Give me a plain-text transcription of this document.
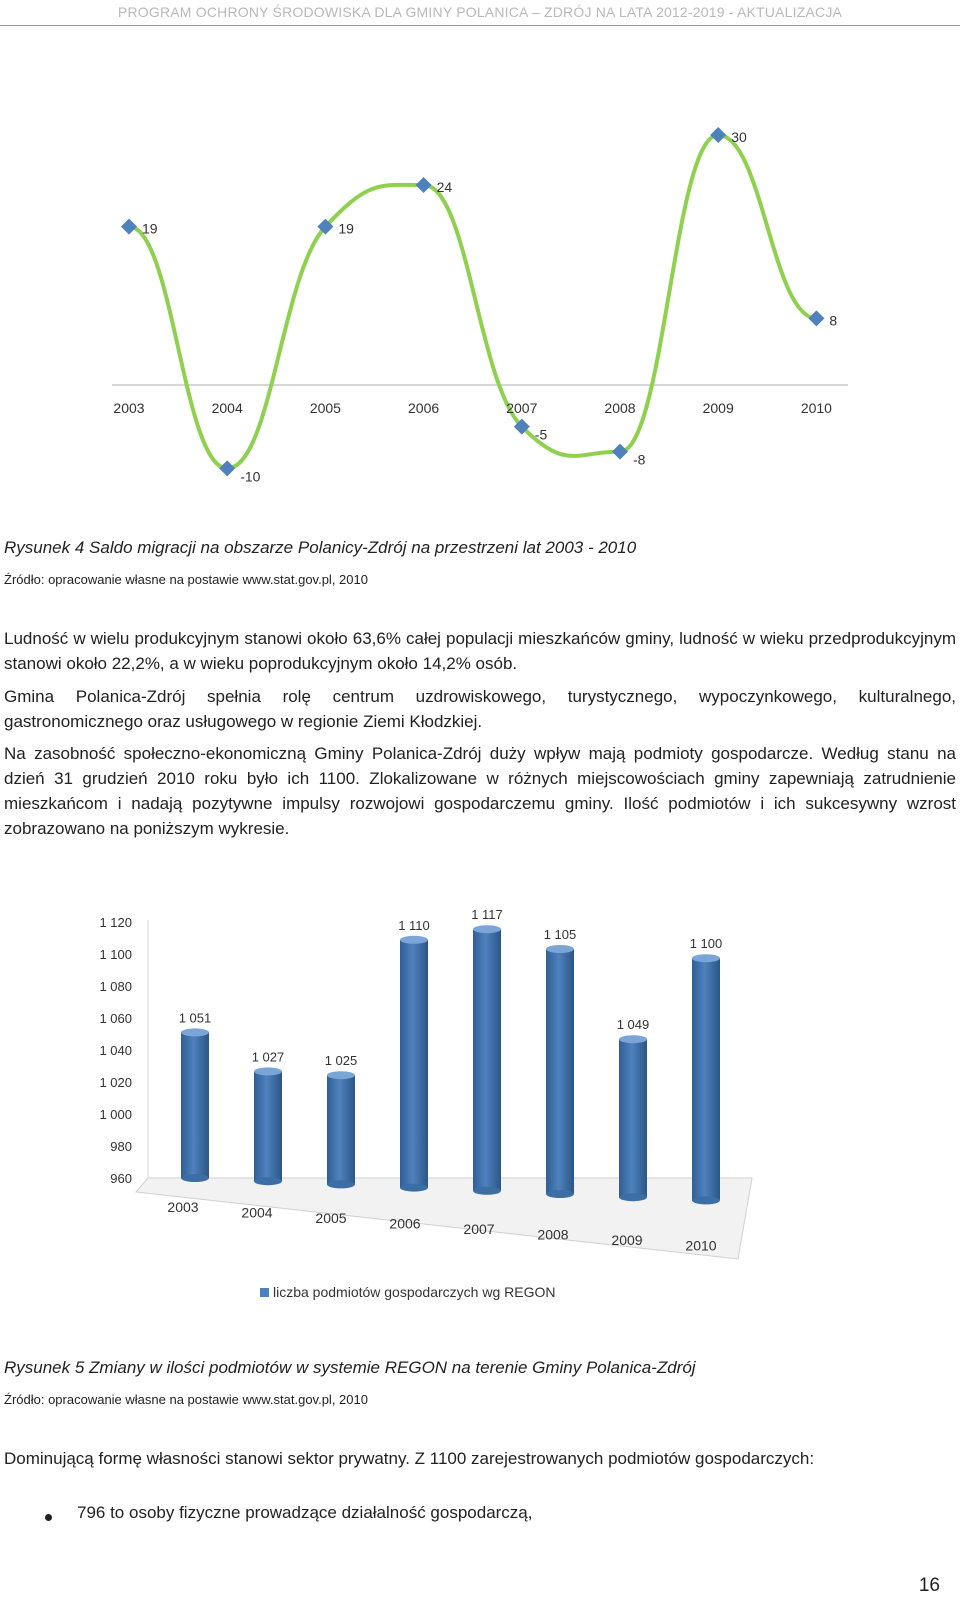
PROGRAM OCHRONY ŚRODOWISKA DLA GMINY POLANICA – ZDRÓJ NA LATA 2012-2019 - AKTUALIZACJA
2003	2004	2005	2006	2007	2008	2009	2010
19
-10
19
24
-5
-8
30
8
Rysunek 4 Saldo migracji na obszarze Polanicy-Zdrój na przestrzeni lat 2003 - 2010
Źródło: opracowanie własne na postawie www.stat.gov.pl, 2010
Ludność w wielu produkcyjnym stanowi około 63,6% całej populacji mieszkańców gminy, ludność w wieku przedprodukcyjnym stanowi około 22,2%, a w wieku poprodukcyjnym około 14,2% osób.
Gmina Polanica-Zdrój spełnia rolę centrum uzdrowiskowego, turystycznego, wypoczynkowego, kulturalnego, gastronomicznego oraz usługowego w regionie Ziemi Kłodzkiej.
Na zasobność społeczno-ekonomiczną Gminy Polanica-Zdrój duży wpływ mają podmioty gospodarcze. Według stanu na dzień 31 grudzień 2010 roku było ich 1100. Zlokalizowane w różnych miejscowościach gminy zapewniają zatrudnienie mieszkańcom i nadają pozytywne impulsy rozwojowi gospodarczemu gminy. Ilość podmiotów i ich sukcesywny wzrost zobrazowano na poniższym wykresie.
960
980
1 000
1 020
1 040
1 060
1 080
1 100
1 120
1 051
2003
1 027
2004
1 025
2005
1 110
2006
1 117
2007
1 105
2008
1 049
2009
1 100
2010
liczba podmiotów gospodarczych wg REGON
Rysunek 5 Zmiany w ilości podmiotów w systemie REGON na terenie Gminy Polanica-Zdrój
Źródło: opracowanie własne na postawie www.stat.gov.pl, 2010
Dominującą formę własności stanowi sektor prywatny. Z 1100 zarejestrowanych podmiotów gospodarczych:
796 to osoby fizyczne prowadzące działalność gospodarczą,
16
